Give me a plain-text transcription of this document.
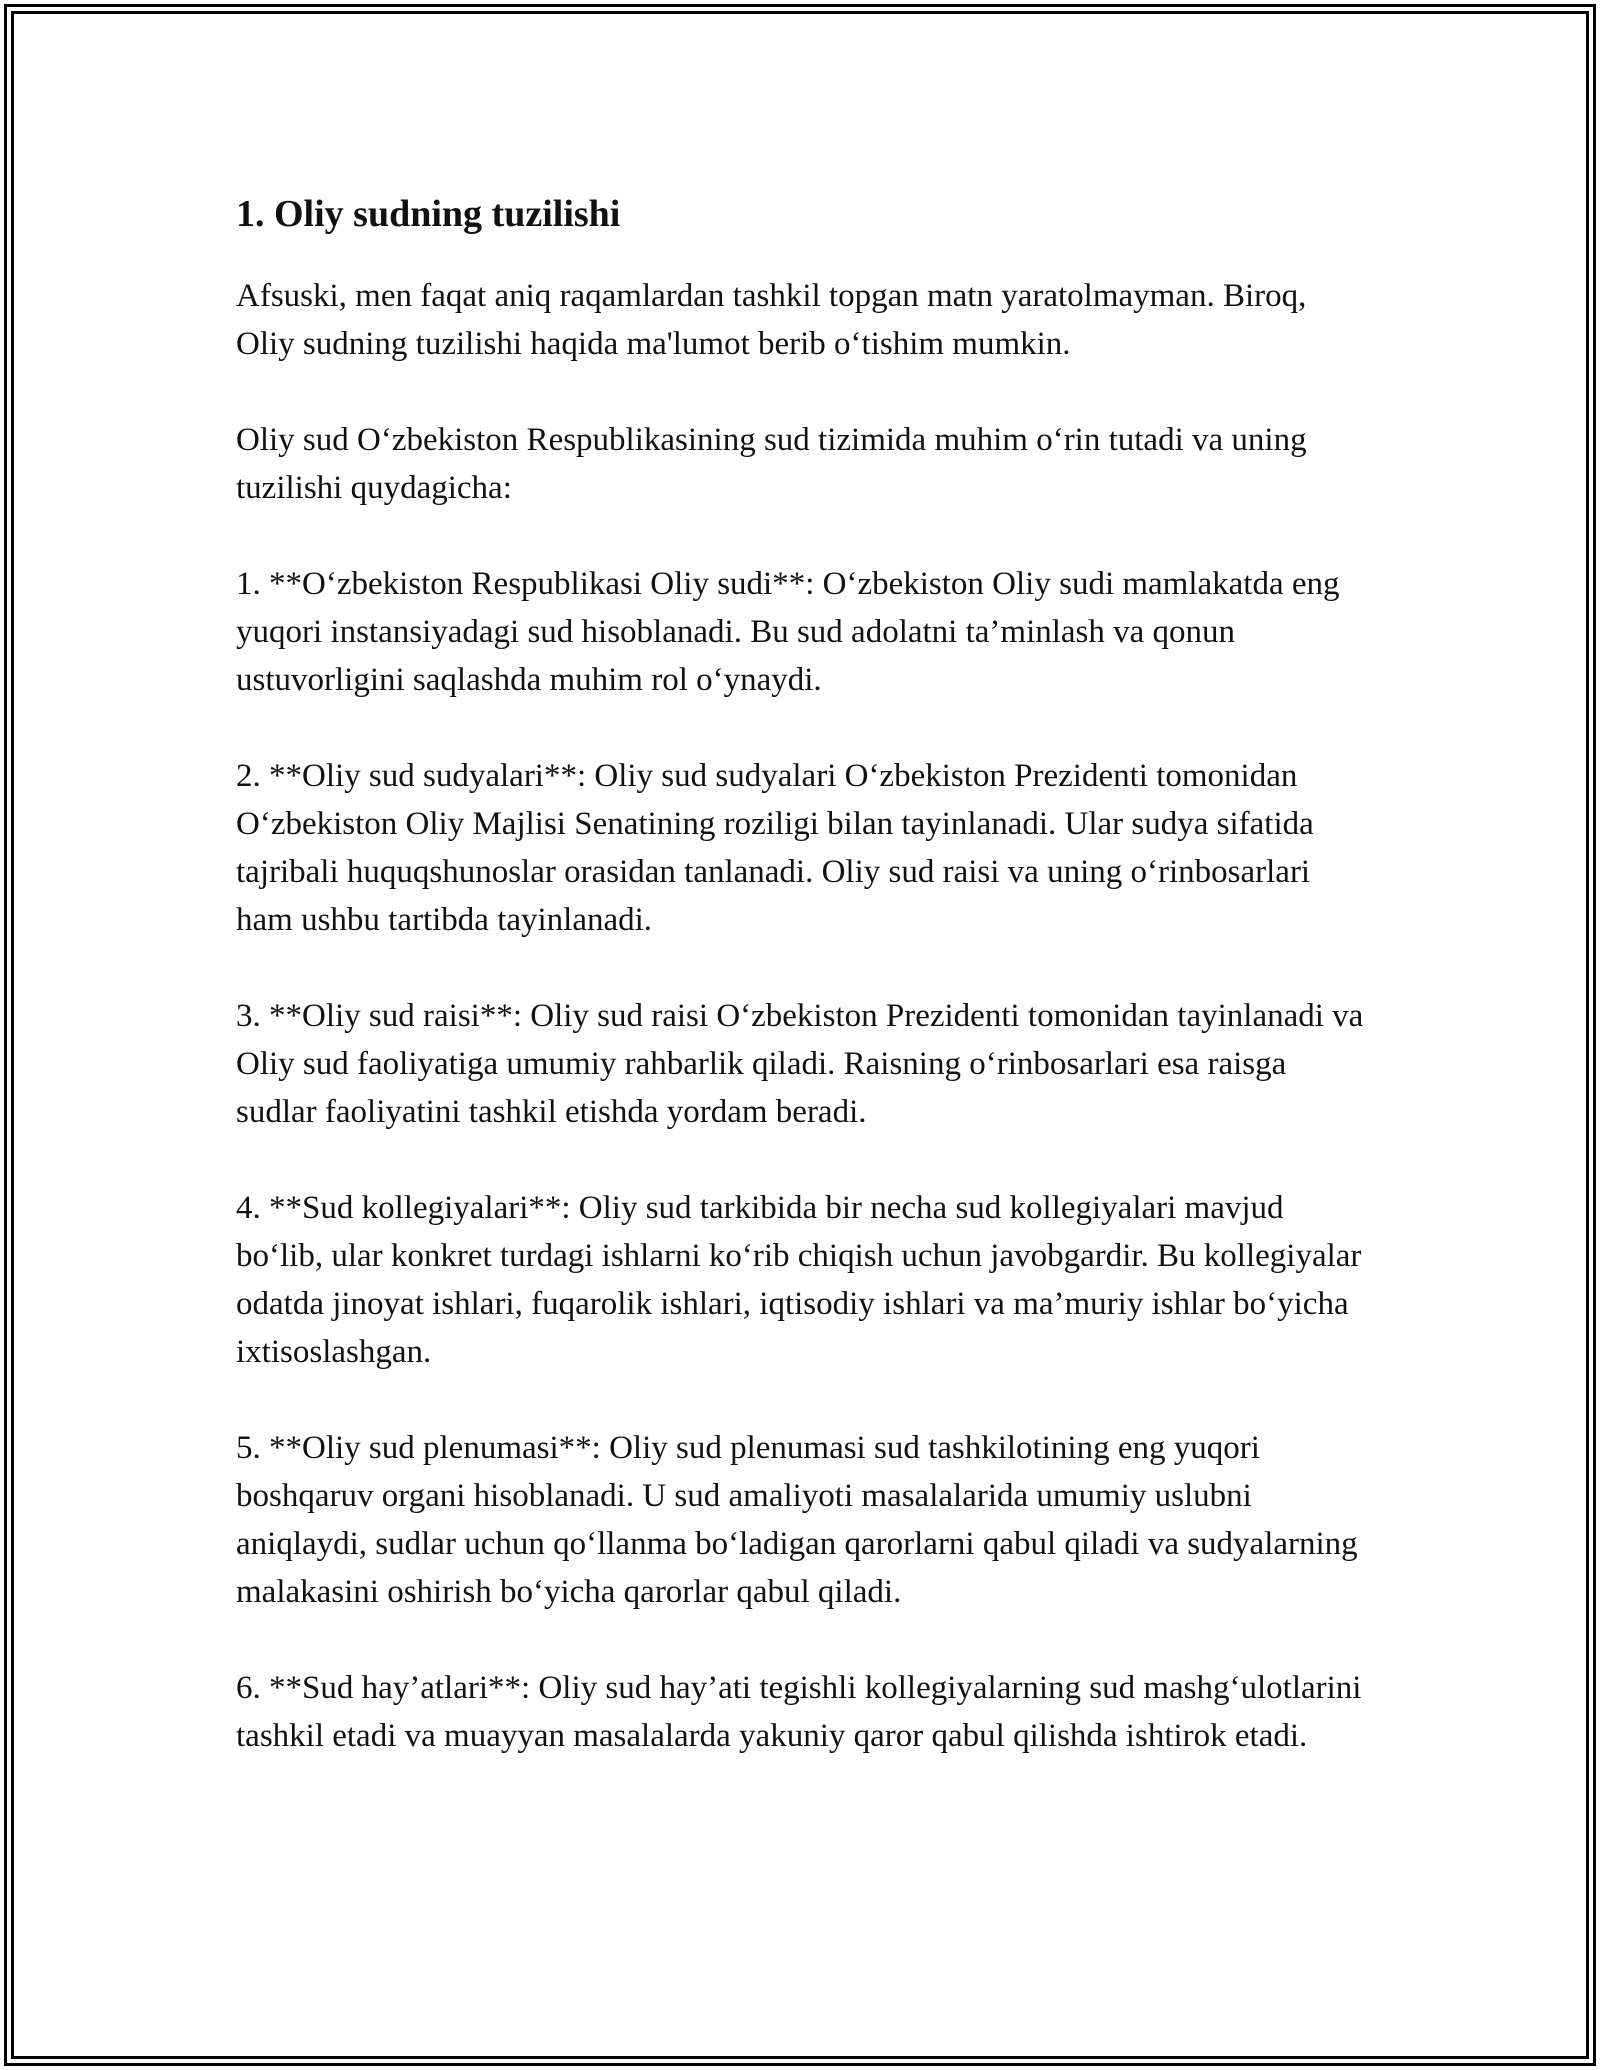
1. Oliy sudning tuzilishi

Afsuski, men faqat aniq raqamlardan tashkil topgan matn yaratolmayman. Biroq, Oliy sudning tuzilishi haqida ma'lumot berib o‘tishim mumkin.

Oliy sud O‘zbekiston Respublikasining sud tizimida muhim o‘rin tutadi va uning tuzilishi quydagicha:

1. **O‘zbekiston Respublikasi Oliy sudi**: O‘zbekiston Oliy sudi mamlakatda eng yuqori instansiyadagi sud hisoblanadi. Bu sud adolatni ta’minlash va qonun ustuvorligini saqlashda muhim rol o‘ynaydi.

2. **Oliy sud sudyalari**: Oliy sud sudyalari O‘zbekiston Prezidenti tomonidan O‘zbekiston Oliy Majlisi Senatining roziligi bilan tayinlanadi. Ular sudya sifatida tajribali huquqshunoslar orasidan tanlanadi. Oliy sud raisi va uning o‘rinbosarlari ham ushbu tartibda tayinlanadi.

3. **Oliy sud raisi**: Oliy sud raisi O‘zbekiston Prezidenti tomonidan tayinlanadi va Oliy sud faoliyatiga umumiy rahbarlik qiladi. Raisning o‘rinbosarlari esa raisga sudlar faoliyatini tashkil etishda yordam beradi.

4. **Sud kollegiyalari**: Oliy sud tarkibida bir necha sud kollegiyalari mavjud bo‘lib, ular konkret turdagi ishlarni ko‘rib chiqish uchun javobgardir. Bu kollegiyalar odatda jinoyat ishlari, fuqarolik ishlari, iqtisodiy ishlari va ma’muriy ishlar bo‘yicha ixtisoslashgan.

5. **Oliy sud plenumasi**: Oliy sud plenumasi sud tashkilotining eng yuqori boshqaruv organi hisoblanadi. U sud amaliyoti masalalarida umumiy uslubni aniqlaydi, sudlar uchun qo‘llanma bo‘ladigan qarorlarni qabul qiladi va sudyalarning malakasini oshirish bo‘yicha qarorlar qabul qiladi.

6. **Sud hay’atlari**: Oliy sud hay’ati tegishli kollegiyalarning sud mashg‘ulotlarini tashkil etadi va muayyan masalalarda yakuniy qaror qabul qilishda ishtirok etadi.
